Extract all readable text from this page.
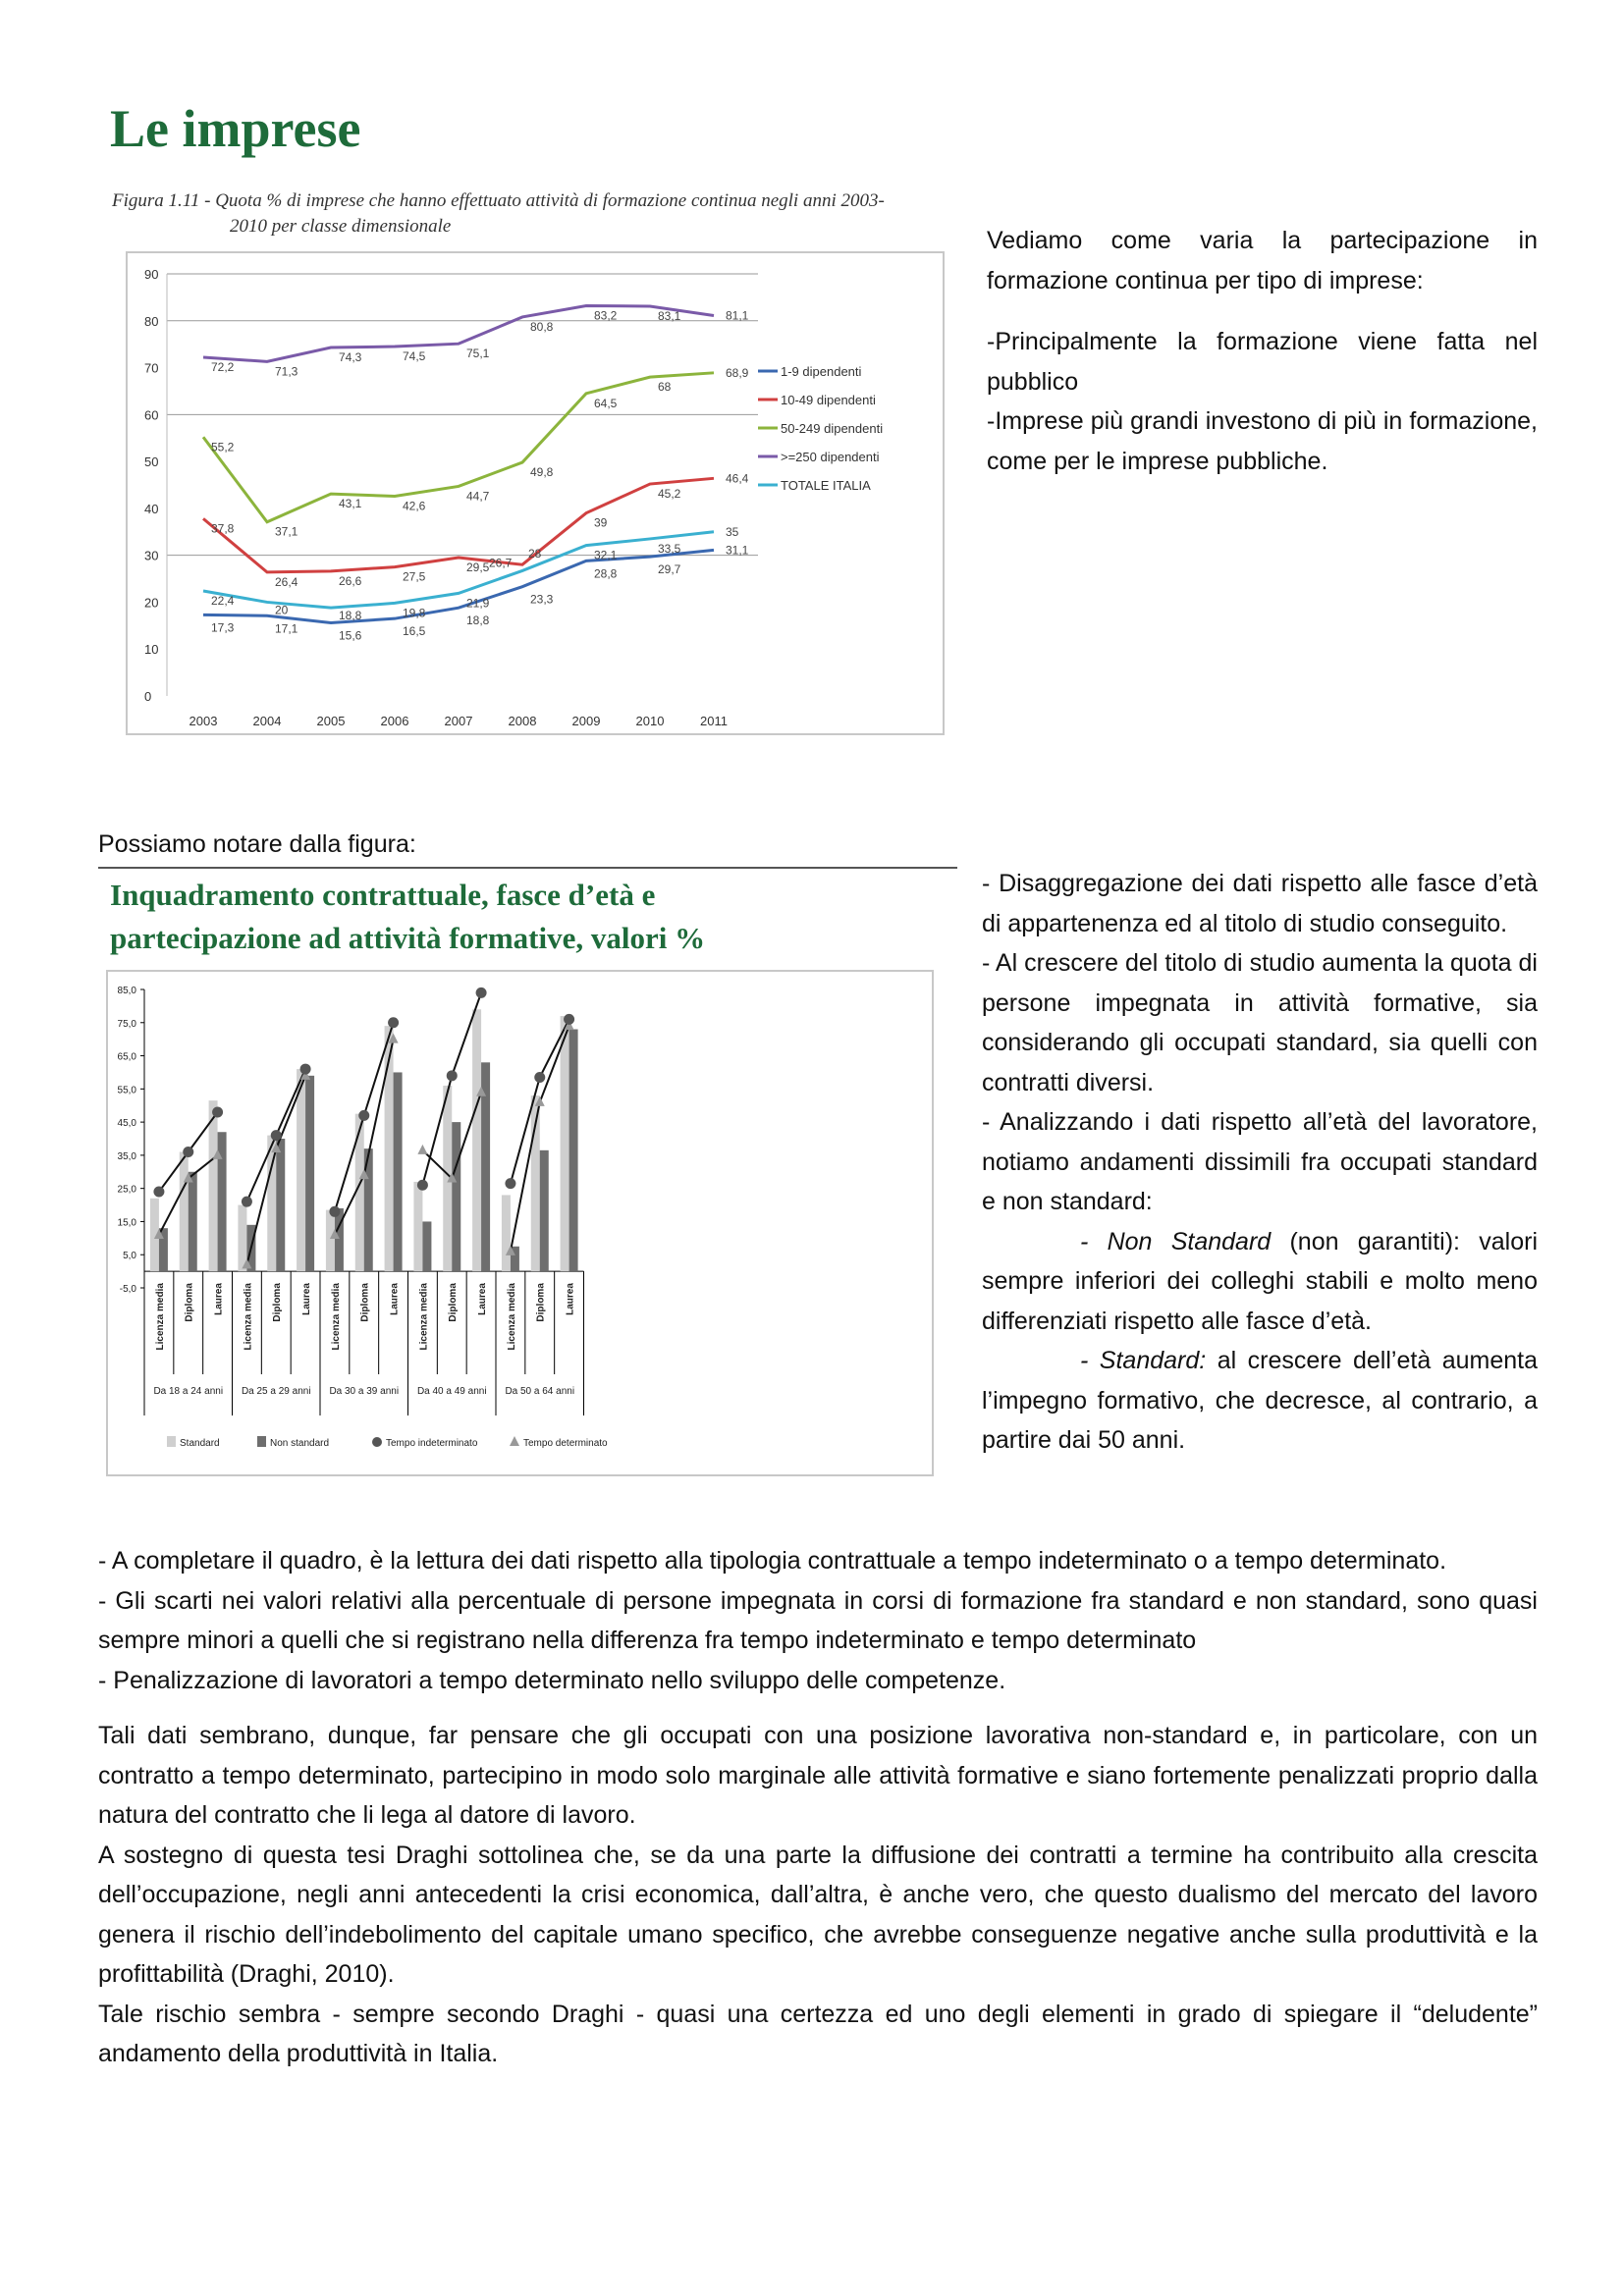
Le imprese
Figura 1.11 - Quota % di imprese che hanno effettuato attività di formazione continua negli anni 2003-
2010 per classe dimensionale
0
10
20
30
40
50
60
70
80
90
2003	2004	2005	2006	2007	2008	2009	2010	2011
17,3	17,1
15,6	16,5
18,8
23,3
28,8	29,7
31,1
1-9 dipendenti
37,8
26,4	26,6	27,5
29,5
28
39
45,2
46,4
10-49 dipendenti
55,2
37,1
43,1	42,6
44,7
49,8
64,5
68
68,9
50-249 dipendenti
72,2	71,3
74,3	74,5	75,1
80,8
83,2	83,1	81,1
>=250 dipendenti
22,4
20	18,8	19,8
21,9
26,7
32,1	33,5
35
TOTALE ITALIA

Vediamo come varia la partecipazione in formazione continua per tipo di imprese:

-Principalmente la formazione viene fatta nel pubblico

-Imprese più grandi investono di più in formazione, come per le imprese pubbliche.

Possiamo notare dalla figura:
Inquadramento contrattuale, fasce d’età e
partecipazione ad attività formative, valori %
-5,0
5,0
15,0
25,0
35,0
45,0
55,0
65,0
75,0
85,0
Licenza media Diploma Laurea
Da 18 a 24 anni
Licenza media Diploma Laurea
Da 25 a 29 anni
Licenza media Diploma Laurea
Da 30 a 39 anni
Licenza media Diploma Laurea
Da 40 a 49 anni
Licenza media Diploma Laurea
Da 50 a 64 anni
Standard	Non standard	Tempo indeterminato	Tempo determinato

- Disaggregazione dei dati rispetto alle fasce d’età di appartenenza ed al titolo di studio conseguito.

- Al crescere del titolo di studio aumenta la quota di persone impegnata in attività formative, sia considerando gli occupati standard, sia quelli con contratti diversi.

- Analizzando i dati rispetto all’età del lavoratore, notiamo andamenti dissimili fra occupati standard e non standard:

- Non Standard (non garantiti): valori sempre inferiori dei colleghi stabili e molto meno differenziati rispetto alle fasce d’età.

- Standard: al crescere dell’età aumenta l’impegno formativo, che decresce, al contrario, a partire dai 50 anni.

- A completare il quadro, è la lettura dei dati rispetto alla tipologia contrattuale a tempo indeterminato o a tempo determinato.

- Gli scarti nei valori relativi alla percentuale di persone impegnata in corsi di formazione fra standard e non standard, sono quasi sempre minori a quelli che si registrano nella differenza fra tempo indeterminato e tempo determinato

- Penalizzazione di lavoratori a tempo determinato nello sviluppo delle competenze.

Tali dati sembrano, dunque, far pensare che gli occupati con una posizione lavorativa non-standard e, in particolare, con un contratto a tempo determinato, partecipino in modo solo marginale alle attività formative e siano fortemente penalizzati proprio dalla natura del contratto che li lega al datore di lavoro.

A sostegno di questa tesi Draghi sottolinea che, se da una parte la diffusione dei contratti a termine ha contribuito alla crescita dell’occupazione, negli anni antecedenti la crisi economica, dall’altra, è anche vero, che questo dualismo del mercato del lavoro genera il rischio dell’indebolimento del capitale umano specifico, che avrebbe conseguenze negative anche sulla produttività e la profittabilità (Draghi, 2010).

Tale rischio sembra - sempre secondo Draghi - quasi una certezza ed uno degli elementi in grado di spiegare il “deludente” andamento della produttività in Italia.
